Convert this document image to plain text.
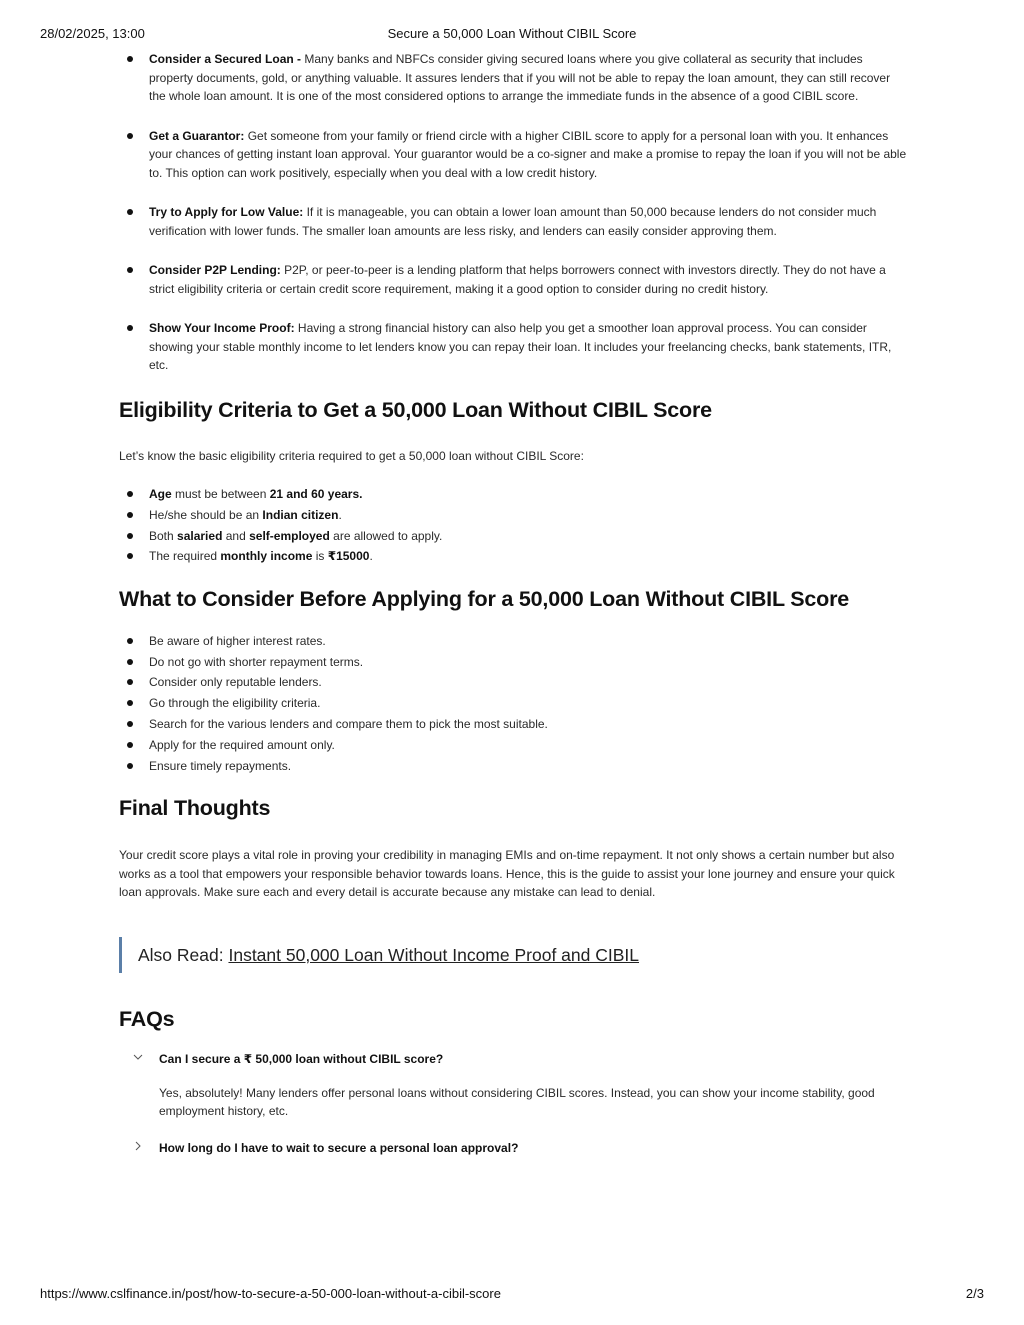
28/02/2025, 13:00	Secure a 50,000 Loan Without CIBIL Score
Consider a Secured Loan - Many banks and NBFCs consider giving secured loans where you give collateral as security that includes property documents, gold, or anything valuable. It assures lenders that if you will not be able to repay the loan amount, they can still recover the whole loan amount. It is one of the most considered options to arrange the immediate funds in the absence of a good CIBIL score.
Get a Guarantor: Get someone from your family or friend circle with a higher CIBIL score to apply for a personal loan with you. It enhances your chances of getting instant loan approval. Your guarantor would be a co-signer and make a promise to repay the loan if you will not be able to. This option can work positively, especially when you deal with a low credit history.
Try to Apply for Low Value: If it is manageable, you can obtain a lower loan amount than 50,000 because lenders do not consider much verification with lower funds. The smaller loan amounts are less risky, and lenders can easily consider approving them.
Consider P2P Lending: P2P, or peer-to-peer is a lending platform that helps borrowers connect with investors directly. They do not have a strict eligibility criteria or certain credit score requirement, making it a good option to consider during no credit history.
Show Your Income Proof: Having a strong financial history can also help you get a smoother loan approval process. You can consider showing your stable monthly income to let lenders know you can repay their loan. It includes your freelancing checks, bank statements, ITR, etc.
Eligibility Criteria to Get a 50,000 Loan Without CIBIL Score

Let’s know the basic eligibility criteria required to get a 50,000 loan without CIBIL Score:

Age must be between 21 and 60 years.
He/she should be an Indian citizen.
Both salaried and self-employed are allowed to apply.
The required monthly income is ₹15000.
What to Consider Before Applying for a 50,000 Loan Without CIBIL Score
Be aware of higher interest rates.
Do not go with shorter repayment terms.
Consider only reputable lenders.
Go through the eligibility criteria.
Search for the various lenders and compare them to pick the most suitable.
Apply for the required amount only.
Ensure timely repayments.
Final Thoughts

Your credit score plays a vital role in proving your credibility in managing EMIs and on-time repayment. It not only shows a certain number but also works as a tool that empowers your responsible behavior towards loans. Hence, this is the guide to assist your lone journey and ensure your quick loan approvals. Make sure each and every detail is accurate because any mistake can lead to denial.

Also Read: Instant 50,000 Loan Without Income Proof and CIBIL
FAQs
Can I secure a ₹ 50,000 loan without CIBIL score?
Yes, absolutely! Many lenders offer personal loans without considering CIBIL scores. Instead, you can show your income stability, good employment history, etc.
How long do I have to wait to secure a personal loan approval?
https://www.cslfinance.in/post/how-to-secure-a-50-000-loan-without-a-cibil-score	2/3
